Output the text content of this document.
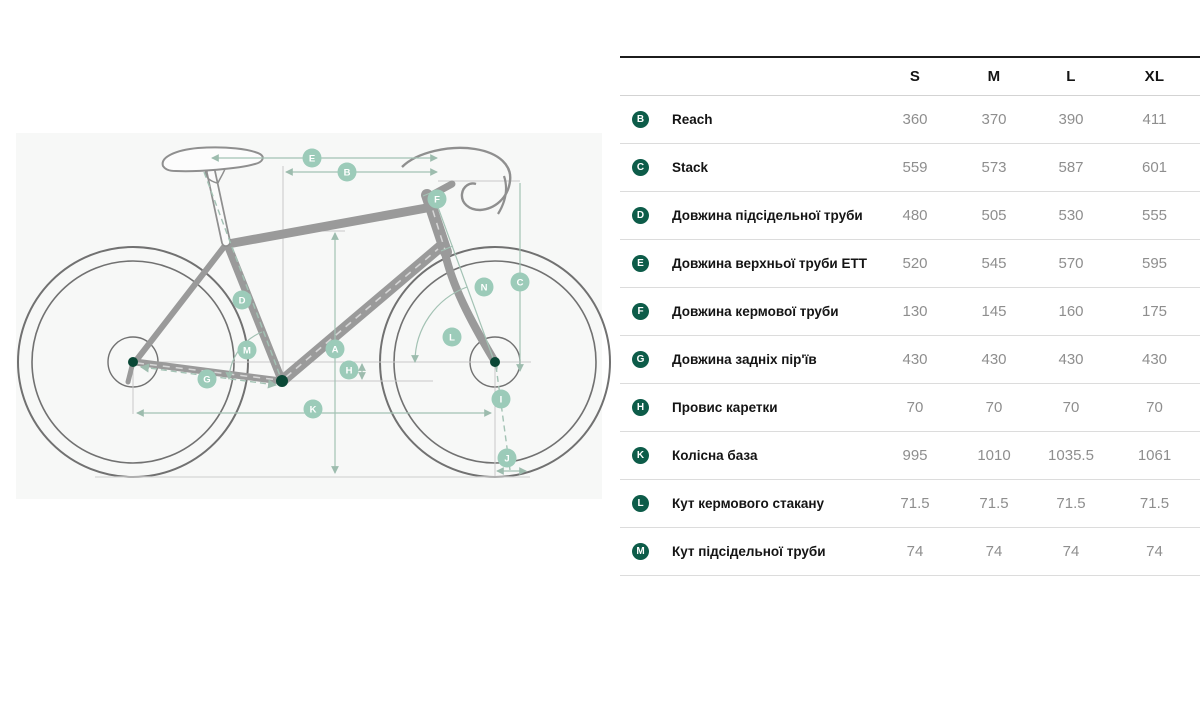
A
B
C
D
E
F
G
H
I
J
K
L
M
N
S	M	L	XL
B	Reach	360	370	390	411
C	Stack	559	573	587	601
D	Довжина підсідельної труби	480	505	530	555
E	Довжина верхньої труби ETT	520	545	570	595
F	Довжина кермової труби	130	145	160	175
G	Довжина задніх пір'їв	430	430	430	430
H	Провис каретки	70	70	70	70
K	Колісна база	995	1010	1035.5	1061
L	Кут кермового стакану	71.5	71.5	71.5	71.5
M	Кут підсідельної труби	74	74	74	74
